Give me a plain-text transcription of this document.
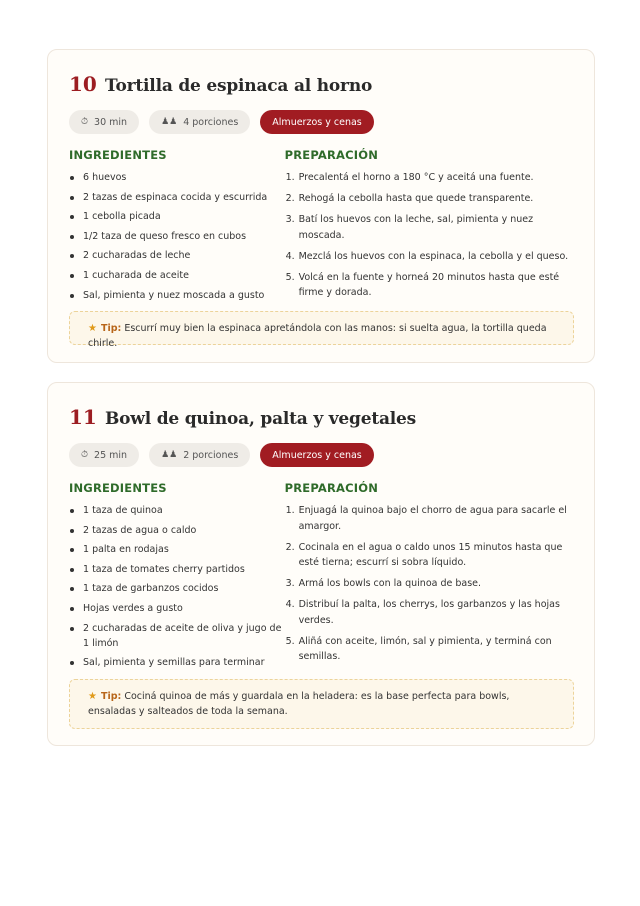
10 Tortilla de espinaca al horno
⏱ 30 min	♟♟ 4 porciones	Almuerzos y cenas
INGREDIENTES
6 huevos
2 tazas de espinaca cocida y escurrida
1 cebolla picada
1/2 taza de queso fresco en cubos
2 cucharadas de leche
1 cucharada de aceite
Sal, pimienta y nuez moscada a gusto
PREPARACIÓN
1. Precalentá el horno a 180 °C y aceitá una fuente.
2. Rehogá la cebolla hasta que quede transparente.
3. Batí los huevos con la leche, sal, pimienta y nuez moscada.
4. Mezclá los huevos con la espinaca, la cebolla y el queso.
5. Volcá en la fuente y horneá 20 minutos hasta que esté firme y dorada.
★ Tip: Escurrí muy bien la espinaca apretándola con las manos: si suelta agua, la tortilla queda chirle.
11 Bowl de quinoa, palta y vegetales
⏱ 25 min	♟♟ 2 porciones	Almuerzos y cenas
INGREDIENTES
1 taza de quinoa
2 tazas de agua o caldo
1 palta en rodajas
1 taza de tomates cherry partidos
1 taza de garbanzos cocidos
Hojas verdes a gusto
2 cucharadas de aceite de oliva y jugo de 1 limón
Sal, pimienta y semillas para terminar
PREPARACIÓN
1. Enjuagá la quinoa bajo el chorro de agua para sacarle el amargor.
2. Cocinala en el agua o caldo unos 15 minutos hasta que esté tierna; escurrí si sobra líquido.
3. Armá los bowls con la quinoa de base.
4. Distribuí la palta, los cherrys, los garbanzos y las hojas verdes.
5. Aliñá con aceite, limón, sal y pimienta, y terminá con semillas.
★ Tip: Cociná quinoa de más y guardala en la heladera: es la base perfecta para bowls, ensaladas y salteados de toda la semana.
